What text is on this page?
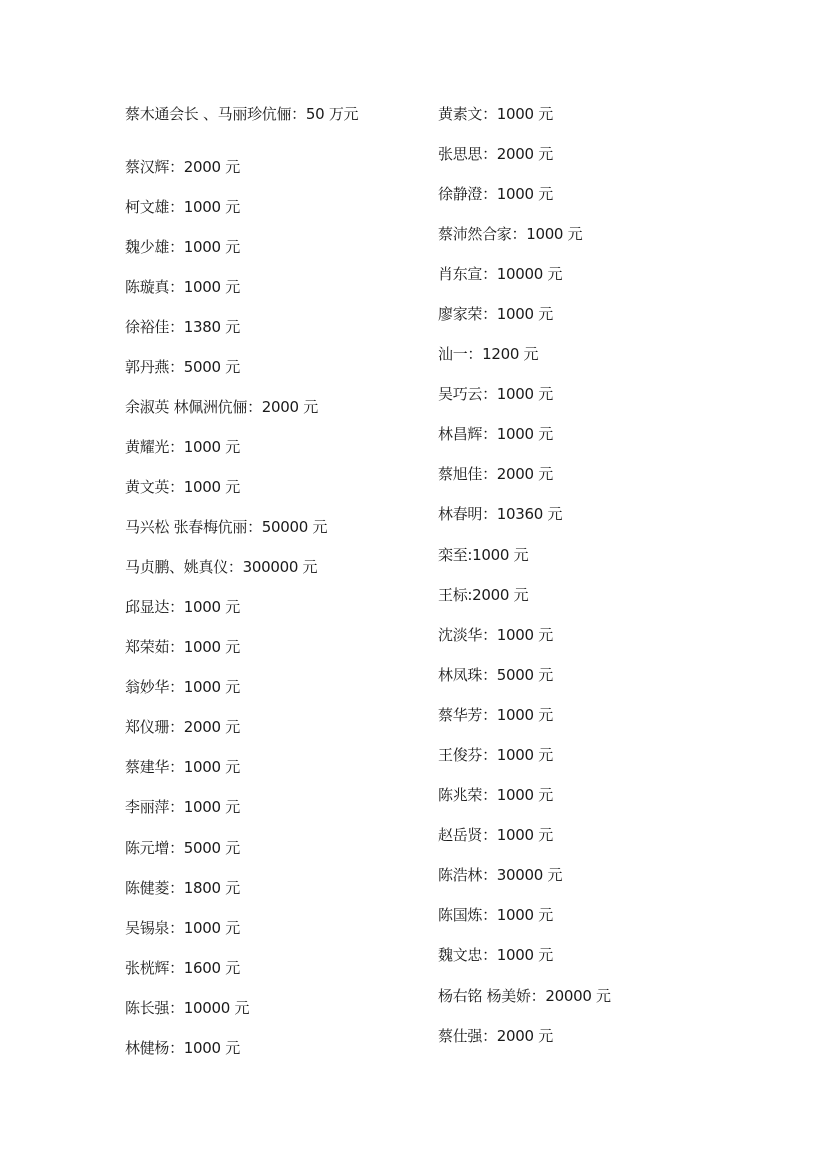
蔡木通会长 、马丽珍伉俪：50 万元
蔡汉辉：2000 元
柯文雄：1000 元
魏少雄：1000 元
陈璇真：1000 元
徐裕佳：1380 元
郭丹燕：5000 元
余淑英 林佩洲伉俪：2000 元
黄耀光：1000 元
黄文英：1000 元
马兴松 张春梅伉丽：50000 元
马贞鹏、姚真仪：300000 元
邱显达：1000 元
郑荣茹：1000 元
翁妙华：1000 元
郑仪珊：2000 元
蔡建华：1000 元
李丽萍：1000 元
陈元增：5000 元
陈健菱：1800 元
吴锡泉：1000 元
张桄辉：1600 元
陈长强：10000 元
林健杨：1000 元
黄素文：1000 元
张思思：2000 元
徐静澄：1000 元
蔡沛然合家：1000 元
肖东宣：10000 元
廖家荣：1000 元
汕一：1200 元
吴巧云：1000 元
林昌辉：1000 元
蔡旭佳：2000 元
林春明：10360 元
栾至:1000 元
王标:2000 元
沈淡华：1000 元
林凤珠：5000 元
蔡华芳：1000 元
王俊芬：1000 元
陈兆荣：1000 元
赵岳贤：1000 元
陈浩林：30000 元
陈国炼：1000 元
魏文忠：1000 元
杨右铭 杨美娇：20000 元
蔡仕强：2000 元
